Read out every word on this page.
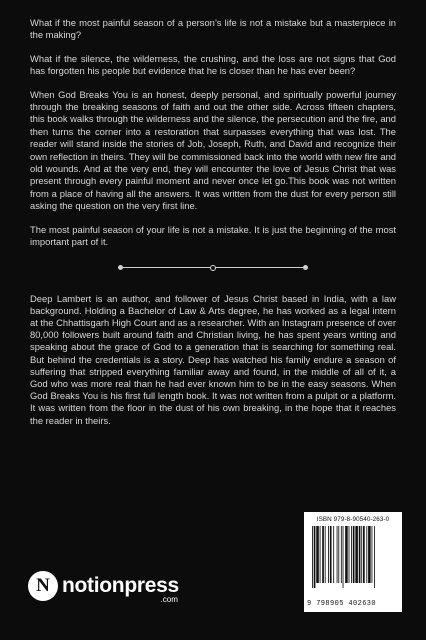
What if the most painful season of a person’s life is not a mistake but a masterpiece in the making?

What if the silence, the wilderness, the crushing, and the loss are not signs that God has forgotten his people but evidence that he is closer than he has ever been?

When God Breaks You is an honest, deeply personal, and spiritually powerful journey through the breaking seasons of faith and out the other side. Across fifteen chapters, this book walks through the wilderness and the silence, the persecution and the fire, and then turns the corner into a restoration that surpasses everything that was lost. The reader will stand inside the stories of Job, Joseph, Ruth, and David and recognize their own reflection in theirs. They will be commissioned back into the world with new fire and old wounds. And at the very end, they will encounter the love of Jesus Christ that was present through every painful moment and never once let go.This book was not written from a place of having all the answers. It was written from the dust for every person still asking the question on the very first line.

The most painful season of your life is not a mistake. It is just the beginning of the most important part of it.

Deep Lambert is an author, and follower of Jesus Christ based in India, with a law background. Holding a Bachelor of Law & Arts degree, he has worked as a legal intern at the Chhattisgarh High Court and as a researcher. With an Instagram presence of over 80,000 followers built around faith and Christian living, he has spent years writing and speaking about the grace of God to a generation that is searching for something real. But behind the credentials is a story. Deep has watched his family endure a season of suffering that stripped everything familiar away and found, in the middle of all of it, a God who was more real than he had ever known him to be in the easy seasons. When God Breaks You is his first full length book. It was not written from a pulpit or a platform. It was written from the floor in the dust of his own breaking, in the hope that it reaches the reader in theirs.

N notionpress
.com
ISBN 979-8-90540-263-0
9 798905 402630
